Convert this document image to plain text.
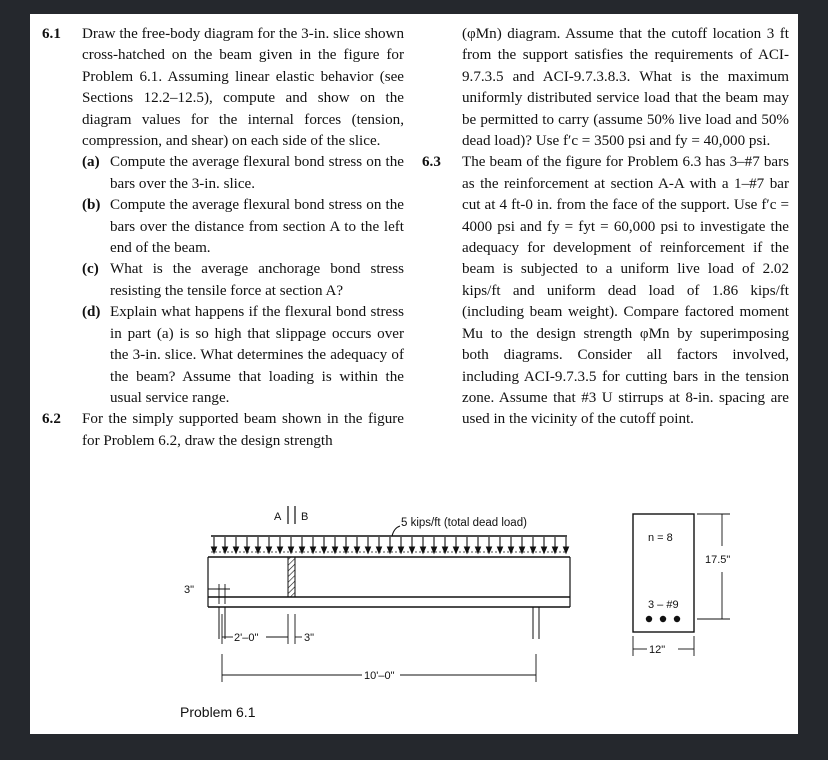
6.1 Draw the free-body diagram for the 3-in. slice shown cross-hatched on the beam given in the figure for Problem 6.1. Assuming linear elastic behavior (see Sections 12.2–12.5), compute and show on the diagram values for the internal forces (tension, compression, and shear) on each side of the slice.
(a) Compute the average flexural bond stress on the bars over the 3-in. slice.
(b) Compute the average flexural bond stress on the bars over the distance from section A to the left end of the beam.
(c) What is the average anchorage bond stress resisting the tensile force at section A?
(d) Explain what happens if the flexural bond stress in part (a) is so high that slippage occurs over the 3-in. slice. What determines the adequacy of the beam? Assume that loading is within the usual service range.
6.2 For the simply supported beam shown in the figure for Problem 6.2, draw the design strength
(φMn) diagram. Assume that the cutoff location 3 ft from the support satisfies the requirements of ACI-9.7.3.5 and ACI-9.7.3.8.3. What is the maximum uniformly distributed service load that the beam may be permitted to carry (assume 50% live load and 50% dead load)? Use f′c = 3500 psi and fy = 40,000 psi.
6.3 The beam of the figure for Problem 6.3 has 3–#7 bars as the reinforcement at section A-A with a 1–#7 bar cut at 4 ft-0 in. from the face of the support. Use f′c = 4000 psi and fy = fyt = 60,000 psi to investigate the adequacy for development of reinforcement if the beam is subjected to a uniform live load of 2.02 kips/ft and uniform dead load of 1.86 kips/ft (including beam weight). Compare factored moment Mu to the design strength φMn by superimposing both diagrams. Consider all factors involved, including ACI-9.7.3.5 for cutting bars in the tension zone. Assume that #3 U stirrups at 8-in. spacing are used in the vicinity of the cutoff point.
A B	5 kips/ft (total dead load)
3"
2'–0"	3"
10'–0"
n = 8
3 – #9
17.5"
12"
Problem 6.1
